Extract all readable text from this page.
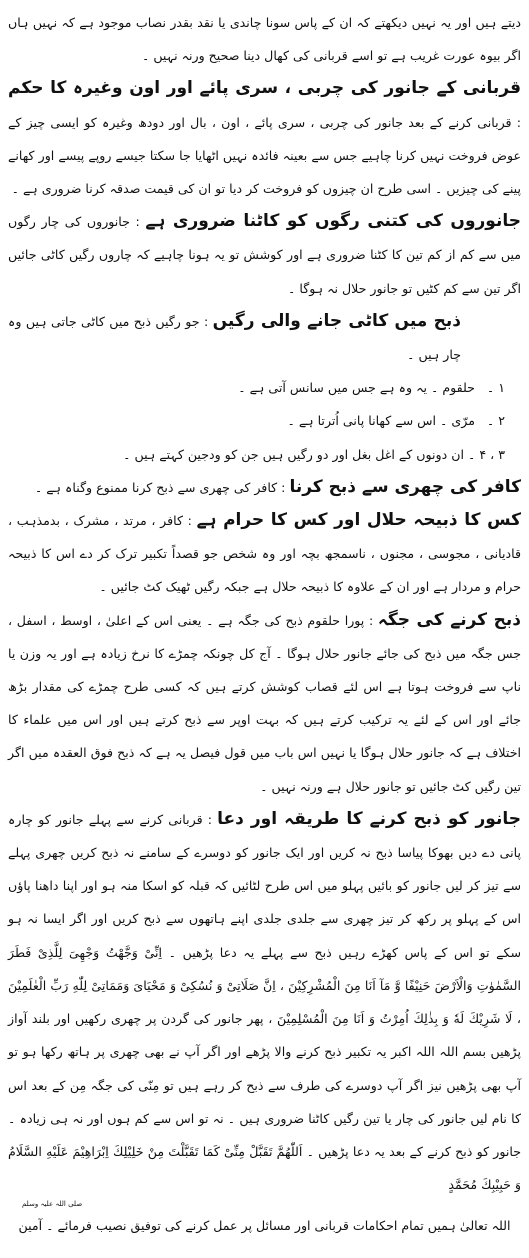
دیتے ہیں اور یہ نہیں دیکھتے کہ ان کے پاس سونا چاندی یا نقد بقدر نصاب موجود ہے کہ نہیں ہاں اگر بیوہ عورت غریب ہے تو اسے قربانی کی کھال دینا صحیح ورنہ نہیں ۔

قربانی کے جانور کی چربی ، سری پائے اور اون وغیرہ کا حکم : قربانی کرنے کے بعد جانور کی چربی ، سری پائے ، اون ، بال اور دودھ وغیرہ کو ایسی چیز کے عوض فروخت نہیں کرنا چاہیے جس سے بعینہ فائدہ نہیں اٹھایا جا سکتا جیسے روپے پیسے اور کھانے پینے کی چیزیں ۔ اسی طرح ان چیزوں کو فروخت کر دیا تو ان کی قیمت صدقہ کرنا ضروری ہے ۔

جانوروں کی کتنی رگوں کو کاٹنا ضروری ہے : جانوروں کی چار رگوں میں سے کم از کم تین کا کٹنا ضروری ہے اور کوشش تو یہ ہونا چاہیے کہ چاروں رگیں کاٹی جائیں اگر تین سے کم کٹیں تو جانور حلال نہ ہوگا ۔

ذبح میں کاٹی جانے والی رگیں : جو رگیں ذبح میں کاٹی جاتی ہیں وہ چار ہیں ۔

۱ ۔ حلقوم ۔ یہ وہ ہے جس میں سانس آتی ہے ۔

۲ ۔ مرّی ۔ اس سے کھانا پانی اُترتا ہے ۔

۳ ، ۴ ۔ ان دونوں کے اغل بغل اور دو رگیں ہیں جن کو ودجین کہتے ہیں ۔

کافر کی چھری سے ذبح کرنا : کافر کی چھری سے ذبح کرنا ممنوع وگناہ ہے ۔

کس کا ذبیحہ حلال اور کس کا حرام ہے : کافر ، مرتد ، مشرک ، بدمذہب ، قادیانی ، مجوسی ، مجنوں ، ناسمجھ بچہ اور وہ شخص جو قصداً تکبیر ترک کر دے اس کا ذبیحہ حرام و مردار ہے اور ان کے علاوہ کا ذبیحہ حلال ہے جبکہ رگیں ٹھیک کٹ جائیں ۔

ذبح کرنے کی جگہ : پورا حلقوم ذبح کی جگہ ہے ۔ یعنی اس کے اعلیٰ ، اوسط ، اسفل ، جس جگہ میں ذبح کی جائے جانور حلال ہوگا ۔ آج کل چونکہ چمڑے کا نرخ زیادہ ہے اور یہ وزن یا ناپ سے فروخت ہوتا ہے اس لئے قصاب کوشش کرتے ہیں کہ کسی طرح چمڑے کی مقدار بڑھ جائے اور اس کے لئے یہ ترکیب کرتے ہیں کہ بہت اوپر سے ذبح کرتے ہیں اور اس میں علماء کا اختلاف ہے کہ جانور حلال ہوگا یا نہیں اس باب میں قول فیصل یہ ہے کہ ذبح فوق العقدہ میں اگر تین رگیں کٹ جائیں تو جانور حلال ہے ورنہ نہیں ۔

جانور کو ذبح کرنے کا طریقہ اور دعا : قربانی کرنے سے پہلے جانور کو چارہ پانی دے دیں بھوکا پیاسا ذبح نہ کریں اور ایک جانور کو دوسرے کے سامنے نہ ذبح کریں چھری پہلے سے تیز کر لیں جانور کو بائیں پہلو میں اس طرح لٹائیں کہ قبلہ کو اسکا منہ ہو اور اپنا داھنا پاؤں اس کے پہلو پر رکھ کر تیز چھری سے جلدی جلدی اپنے ہاتھوں سے ذبح کریں اور اگر ایسا نہ ہو سکے تو اس کے پاس کھڑے رہیں ذبح سے پہلے یہ دعا پڑھیں ۔ اِنِّیْ وَجَّهْتُ وَجْهِیَ لِلَّذِیْ فَطَرَ السَّمٰوٰتِ وَالْاَرْضَ حَنِیْفًا وَّ مَآ اَنَا مِنَ الْمُشْرِکِیْنَ ، اِنَّ صَلَاتِیْ وَ نُسُکِیْ وَ مَحْیَایَ وَمَمَاتِیْ لِلّٰهِ رَبِّ الْعٰلَمِیْنَ ، لَا شَرِیْكَ لَهٗ وَ بِذٰلِكَ اُمِرْتُ وَ اَنَا مِنَ الْمُسْلِمِیْنَ ، پھر جانور کی گردن پر چھری رکھیں اور بلند آواز پڑھیں بسم اللہ اللہ اکبر یہ تکبیر ذبح کرنے والا پڑھے اور اگر آپ نے بھی چھری پر ہاتھ رکھا ہو تو آپ بھی پڑھیں نیز اگر آپ دوسرے کی طرف سے ذبح کر رہے ہیں تو مِنّی کی جگہ مِن کے بعد اس کا نام لیں جانور کی چار یا تین رگیں کاٹنا ضروری ہیں ۔ نہ تو اس سے کم ہوں اور نہ ہی زیادہ ۔ جانور کو ذبح کرنے کے بعد یہ دعا پڑھیں ۔ اَللّٰهُمَّ تَقَبَّلْ مِنِّیْ کَمَا تَقَبَّلْتَ مِنْ خَلِیْلِكَ اِبْرَاهِیْمَ عَلَیْهِ السَّلَامُ وَ حَبِیْبِكَ مُحَمَّدٍ

صلی اللہ علیہ وسلم

اللہ تعالیٰ ہمیں تمام احکامات قربانی اور مسائل پر عمل کرنے کی توفیق نصیب فرمائے ۔ آمین
